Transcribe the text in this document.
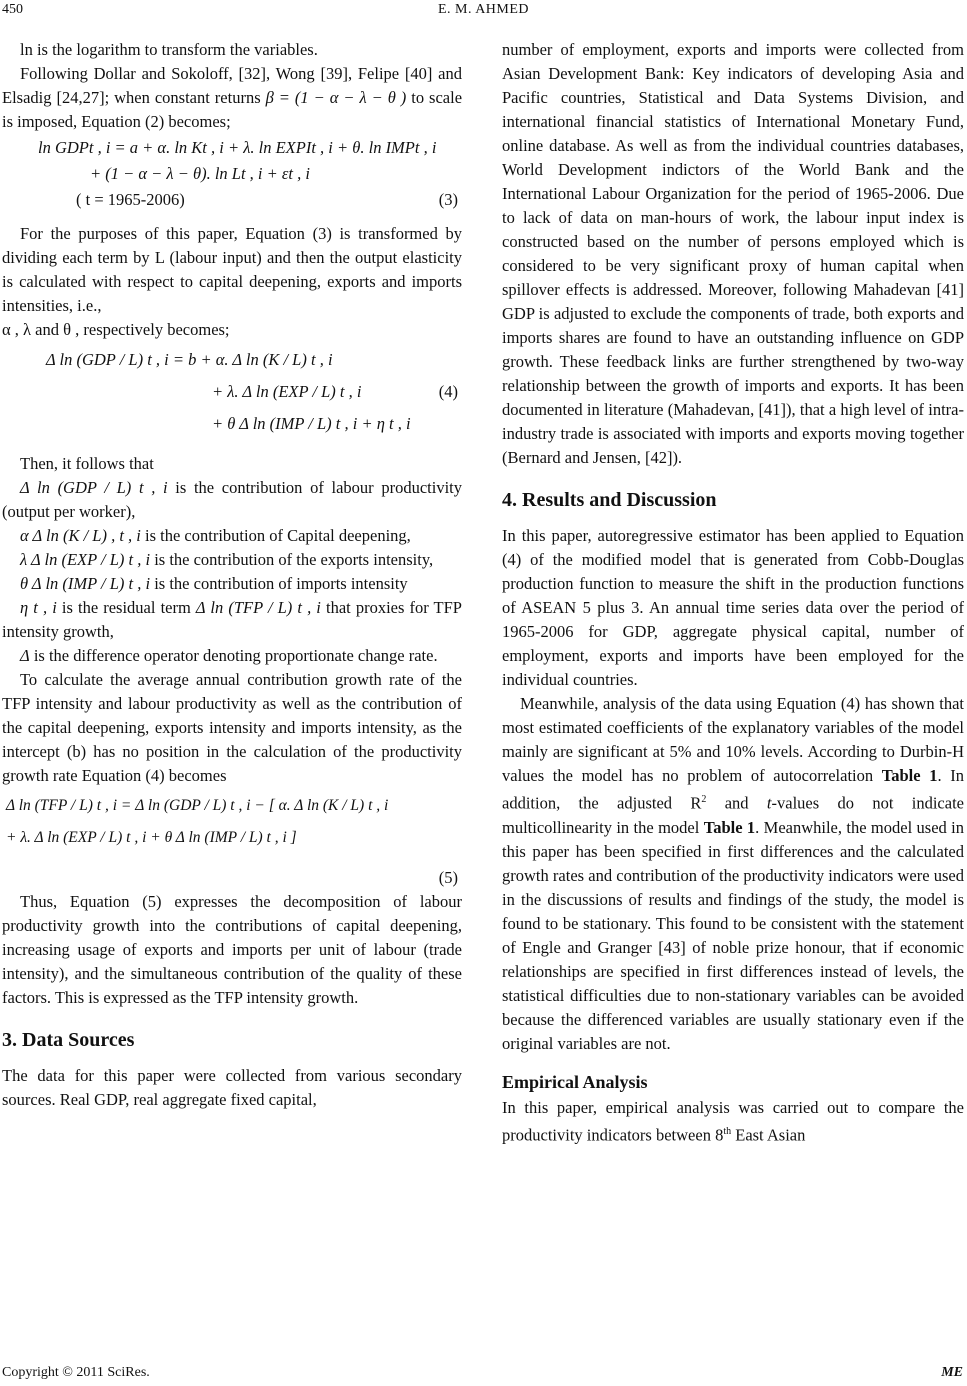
450	E. M. AHMED

ln is the logarithm to transform the variables.

Following Dollar and Sokoloff, [32], Wong [39], Felipe [40] and Elsadig [24,27]; when constant returns β = (1 − α − λ − θ ) to scale is imposed, Equation (2) becomes;

ln GDPt , i = a + α. ln Kt , i + λ. ln EXPIt , i + θ. ln IMPt , i
+ (1 − α − λ − θ). ln Lt , i + εt , i
( t = 1965-2006)	(3)

For the purposes of this paper, Equation (3) is transformed by dividing each term by L (labour input) and then the output elasticity is calculated with respect to capital deepening, exports and imports intensities, i.e.,

α , λ and θ , respectively becomes;

Δ ln (GDP / L) t , i = b + α. Δ ln (K / L) t , i
+ λ. Δ ln (EXP / L) t , i	(4)
+ θ Δ ln (IMP / L) t , i + η t , i

Then, it follows that

Δ ln (GDP / L) t , i is the contribution of labour productivity (output per worker),

α Δ ln (K / L) , t , i is the contribution of Capital deepening,

λ Δ ln (EXP / L) t , i is the contribution of the exports intensity,

θ Δ ln (IMP / L) t , i is the contribution of imports intensity

η t , i is the residual term Δ ln (TFP / L) t , i that proxies for TFP intensity growth,

Δ is the difference operator denoting proportionate change rate.

To calculate the average annual contribution growth rate of the TFP intensity and labour productivity as well as the contribution of the capital deepening, exports intensity and imports intensity, as the intercept (b) has no position in the calculation of the productivity growth rate Equation (4) becomes

Δ ln (TFP / L) t , i = Δ ln (GDP / L) t , i − [ α. Δ ln (K / L) t , i
+ λ. Δ ln (EXP / L) t , i + θ Δ ln (IMP / L) t , i ]
(5)

Thus, Equation (5) expresses the decomposition of labour productivity growth into the contributions of capital deepening, increasing usage of exports and imports per unit of labour (trade intensity), and the simultaneous contribution of the quality of these factors. This is expressed as the TFP intensity growth.

3. Data Sources

The data for this paper were collected from various secondary sources. Real GDP, real aggregate fixed capital,

number of employment, exports and imports were collected from Asian Development Bank: Key indicators of developing Asia and Pacific countries, Statistical and Data Systems Division, and international financial statistics of International Monetary Fund, online database. As well as from the individual countries databases, World Development indictors of the World Bank and the International Labour Organization for the period of 1965-2006. Due to lack of data on man-hours of work, the labour input index is constructed based on the number of persons employed which is considered to be very significant proxy of human capital when spillover effects is addressed. Moreover, following Mahadevan [41] GDP is adjusted to exclude the components of trade, both exports and imports shares are found to have an outstanding influence on GDP growth. These feedback links are further strengthened by two-way relationship between the growth of imports and exports. It has been documented in literature (Mahadevan, [41]), that a high level of intra-industry trade is associated with imports and exports moving together (Bernard and Jensen, [42]).

4. Results and Discussion

In this paper, autoregressive estimator has been applied to Equation (4) of the modified model that is generated from Cobb-Douglas production function to measure the shift in the production functions of ASEAN 5 plus 3. An annual time series data over the period of 1965-2006 for GDP, aggregate physical capital, number of employment, exports and imports have been employed for the individual countries.

Meanwhile, analysis of the data using Equation (4) has shown that most estimated coefficients of the explanatory variables of the model mainly are significant at 5% and 10% levels. According to Durbin-H values the model has no problem of autocorrelation Table 1. In addition, the adjusted $R^2$ and t-values do not indicate multicollinearity in the model Table 1. Meanwhile, the model used in this paper has been specified in first differences and the calculated growth rates and contribution of the productivity indicators were used in the discussions of results and findings of the study, the model is found to be stationary. This found to be consistent with the statement of Engle and Granger [43] of noble prize honour, that if economic relationships are specified in first differences instead of levels, the statistical difficulties due to non-stationary variables can be avoided because the differenced variables are usually stationary even if the original variables are not.

Empirical Analysis

In this paper, empirical analysis was carried out to compare the productivity indicators between 8th East Asian

Copyright © 2011 SciRes.	ME
